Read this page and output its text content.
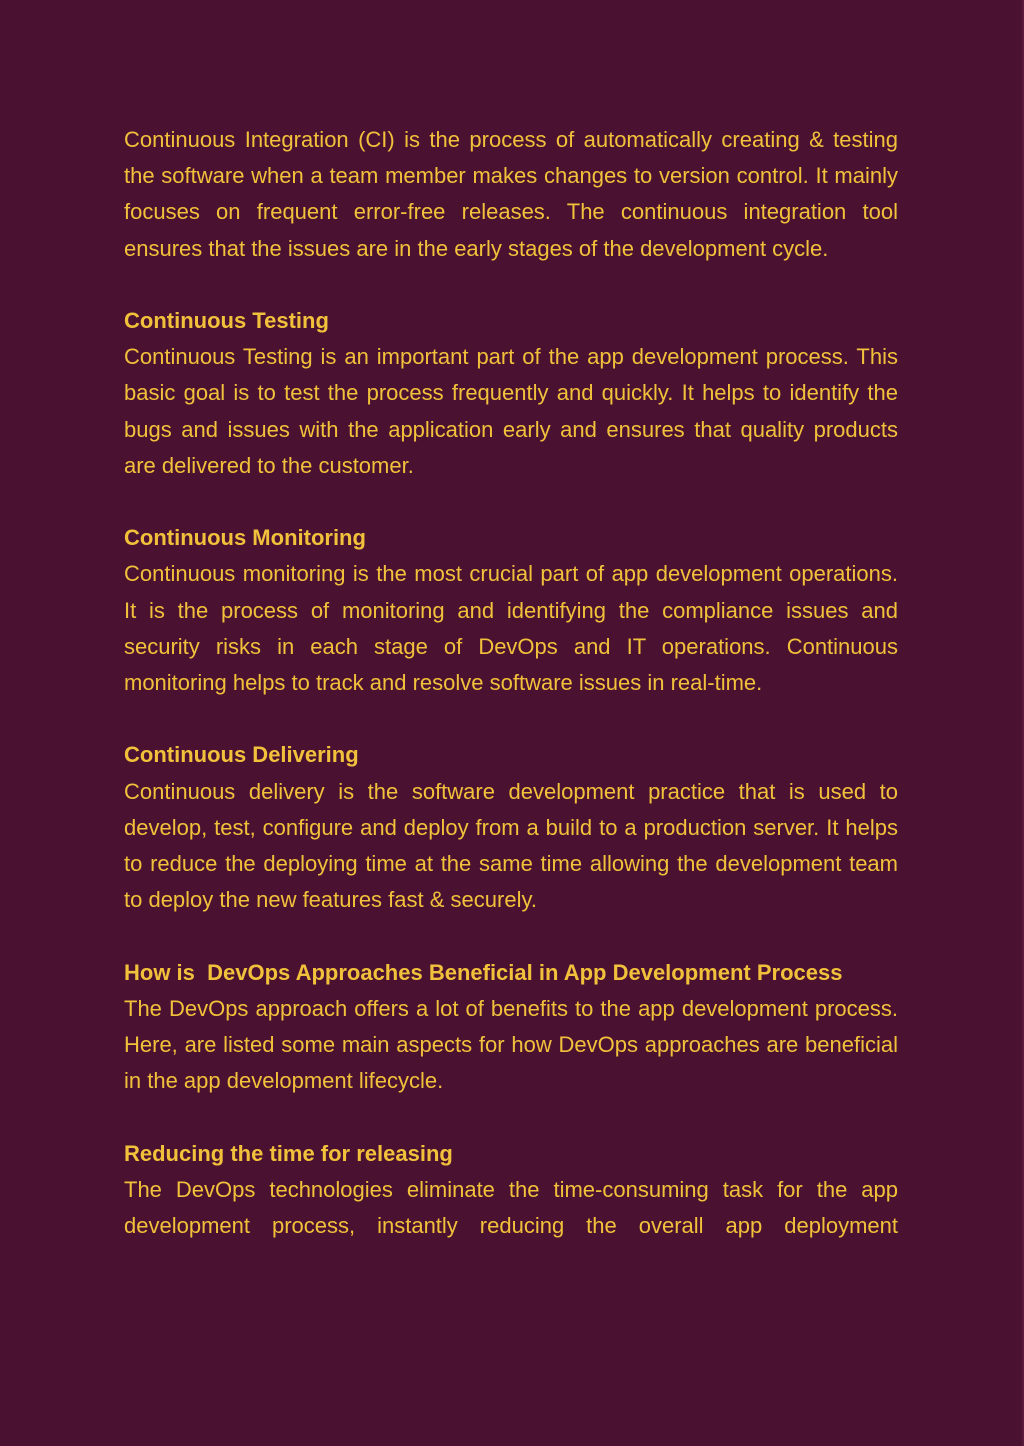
Continuous Integration (CI) is the process of automatically creating & testing the software when a team member makes changes to version control. It mainly focuses on frequent error-free releases. The continuous integration tool ensures that the issues are in the early stages of the development cycle.

Continuous Testing

Continuous Testing is an important part of the app development process. This basic goal is to test the process frequently and quickly. It helps to identify the bugs and issues with the application early and ensures that quality products are delivered to the customer.

Continuous Monitoring

Continuous monitoring is the most crucial part of app development operations. It is the process of monitoring and identifying the compliance issues and security risks in each stage of DevOps and IT operations. Continuous monitoring helps to track and resolve software issues in real-time.

Continuous Delivering

Continuous delivery is the software development practice that is used to develop, test, configure and deploy from a build to a production server. It helps to reduce the deploying time at the same time allowing the development team to deploy the new features fast & securely.

How is  DevOps Approaches Beneficial in App Development Process

The DevOps approach offers a lot of benefits to the app development process. Here, are listed some main aspects for how DevOps approaches are beneficial in the app development lifecycle.

Reducing the time for releasing

The DevOps technologies eliminate the time-consuming task for the app development process, instantly reducing the overall app deployment
